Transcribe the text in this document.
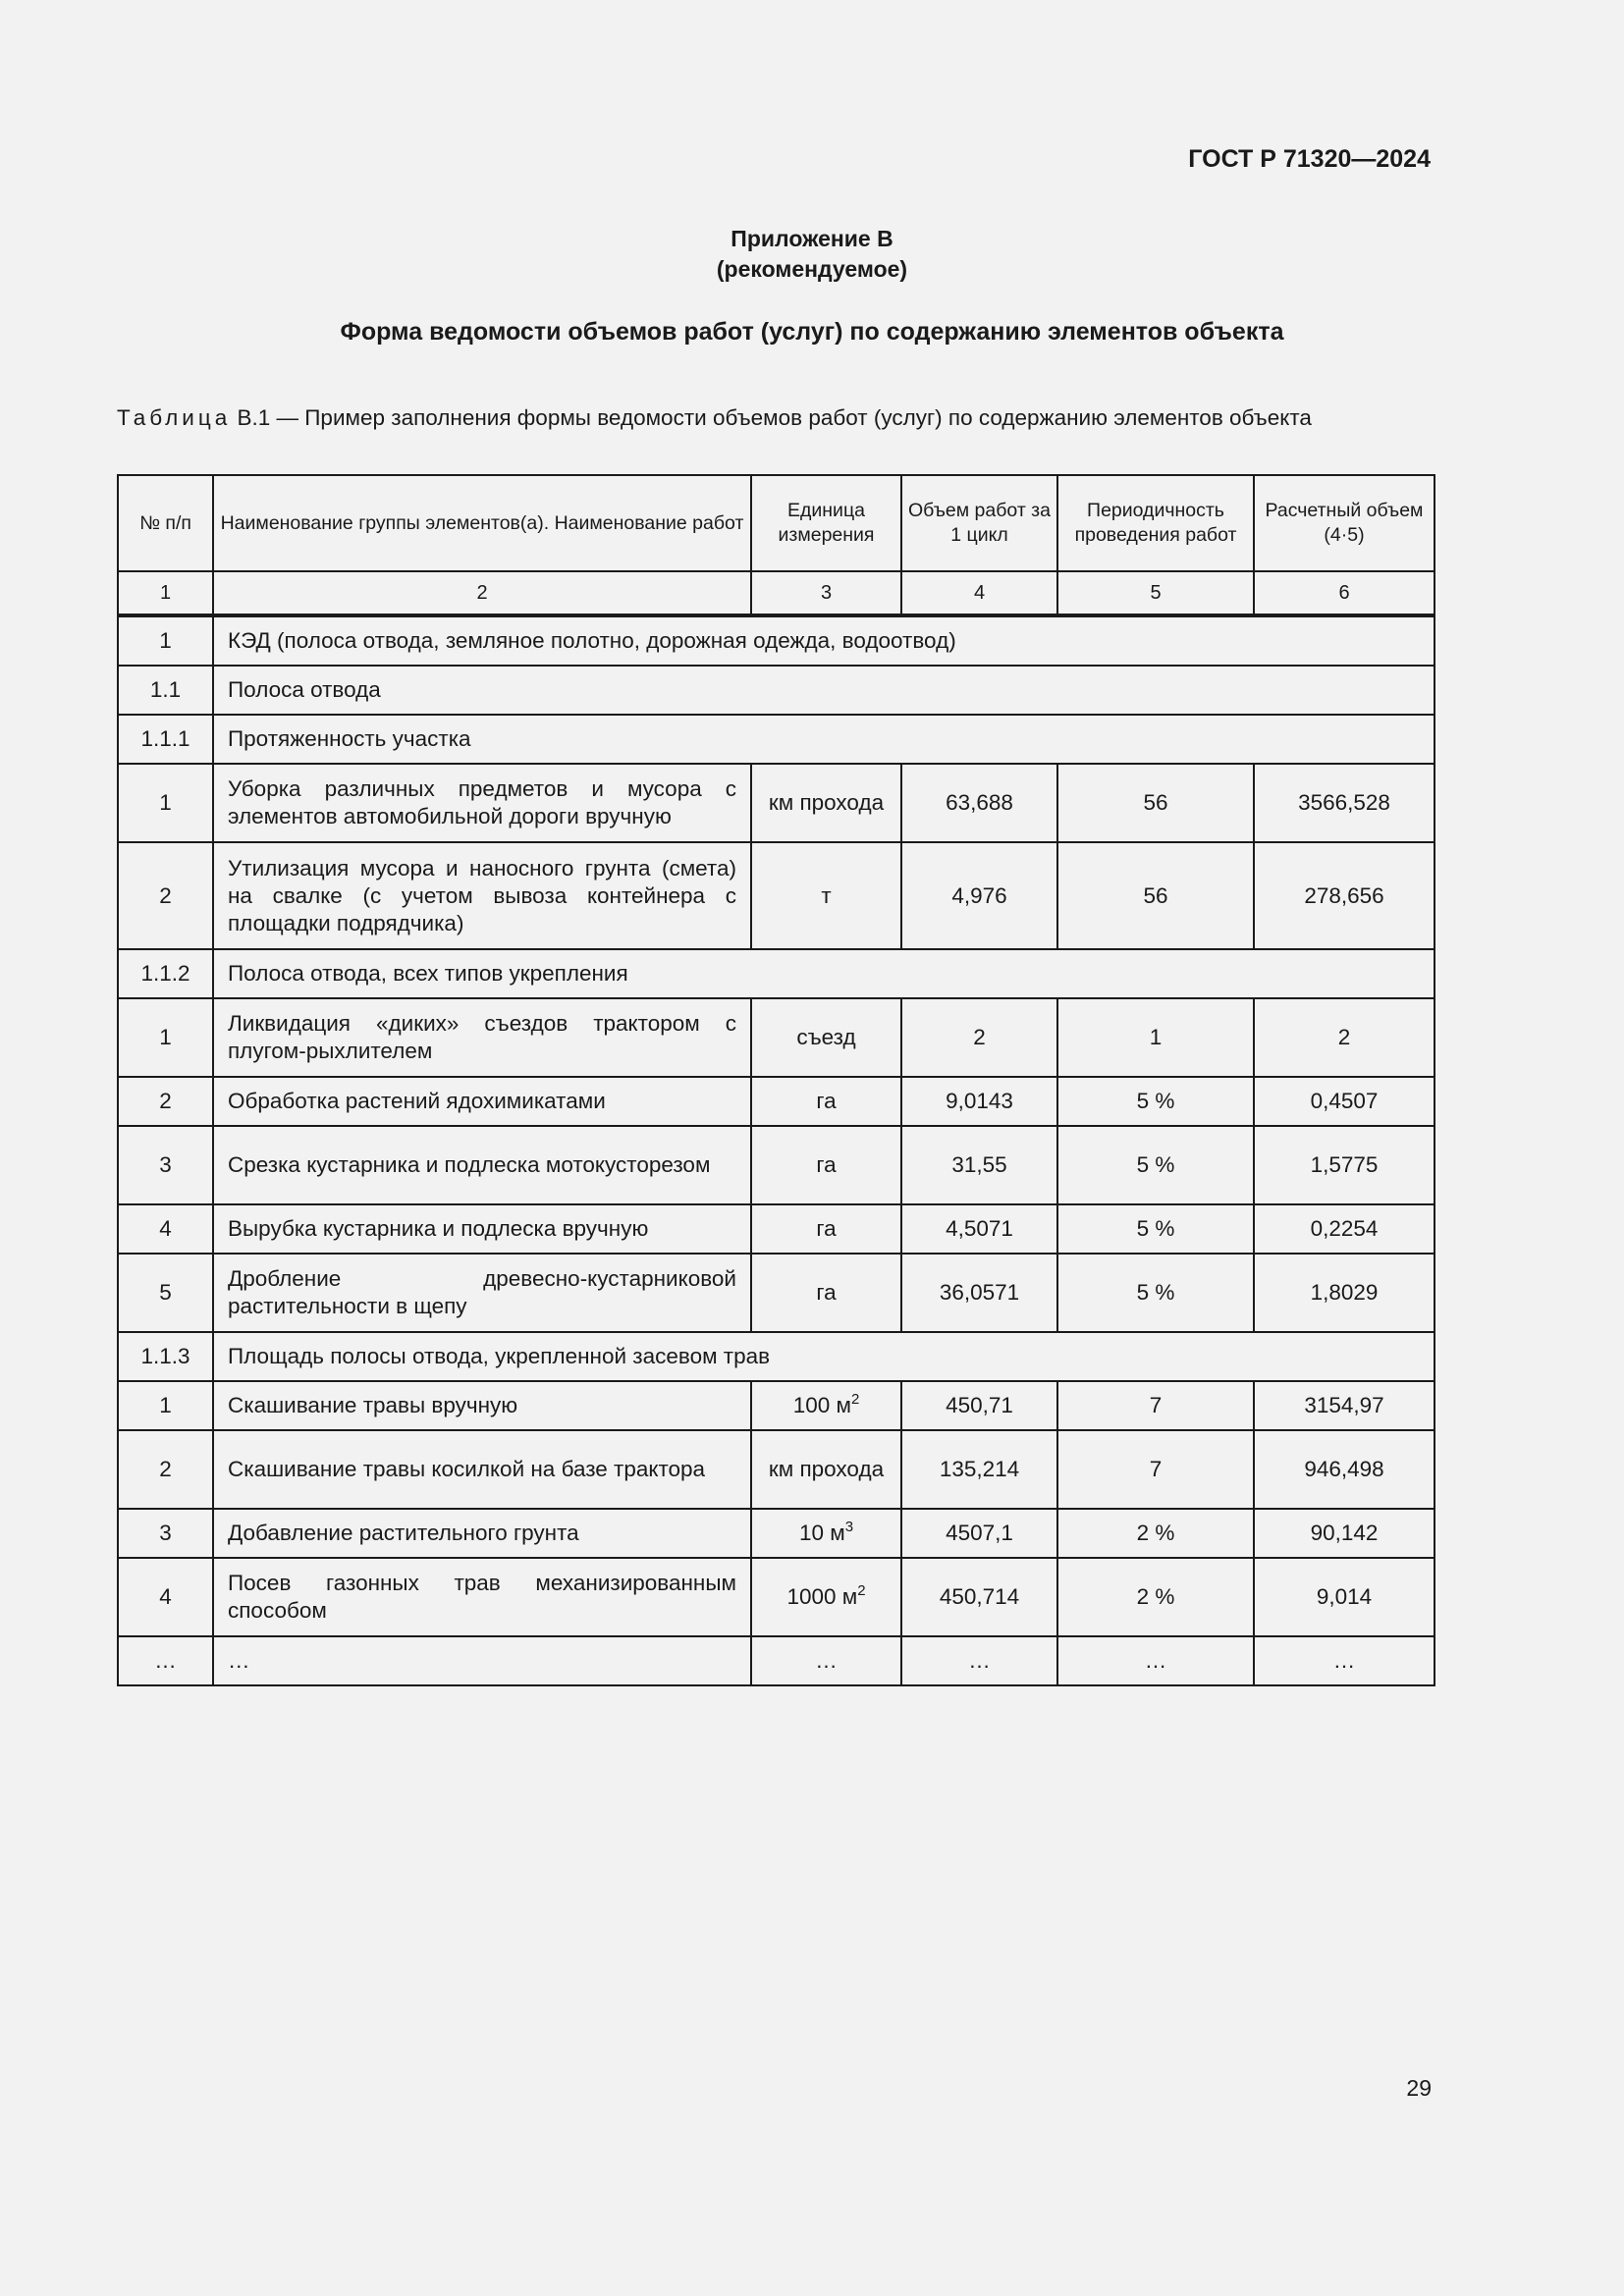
ГОСТ Р 71320—2024
Приложение В
(рекомендуемое)
Форма ведомости объемов работ (услуг) по содержанию элементов объекта
Таблица В.1 — Пример заполнения формы ведомости объемов работ (услуг) по содержанию элементов объекта
№ п/п	Наименование группы элементов(а). Наименование работ	Единица измерения	Объем работ за 1 цикл	Периодичность проведения работ	Расчетный объем (4·5)
1	2	3	4	5	6
1	КЭД (полоса отвода, земляное полотно, дорожная одежда, водоотвод)				
1.1	Полоса отвода				
1.1.1	Протяженность участка				
1	Уборка различных предметов и мусора с элементов автомобильной дороги вручную	км прохода	63,688	56	3566,528
2	Утилизация мусора и наносного грунта (смета) на свалке (с учетом вывоза контейнера с площадки подрядчика)	т	4,976	56	278,656
1.1.2	Полоса отвода, всех типов укрепления				
1	Ликвидация «диких» съездов трактором с плугом-рыхлителем	съезд	2	1	2
2	Обработка растений ядохимикатами	га	9,0143	5 %	0,4507
3	Срезка кустарника и подлеска мотокусторезом	га	31,55	5 %	1,5775
4	Вырубка кустарника и подлеска вручную	га	4,5071	5 %	0,2254
5	Дробление древесно-кустарниковой растительности в щепу	га	36,0571	5 %	1,8029
1.1.3	Площадь полосы отвода, укрепленной засевом трав				
1	Скашивание травы вручную	100 $м^2$	450,71	7	3154,97
2	Скашивание травы косилкой на базе трактора	км прохода	135,214	7	946,498
3	Добавление растительного грунта	10 $м^3$	4507,1	2 %	90,142
4	Посев газонных трав механизированным способом	1000 $м^2$	450,714	2 %	9,014
…	…	…	…	…	…
29
